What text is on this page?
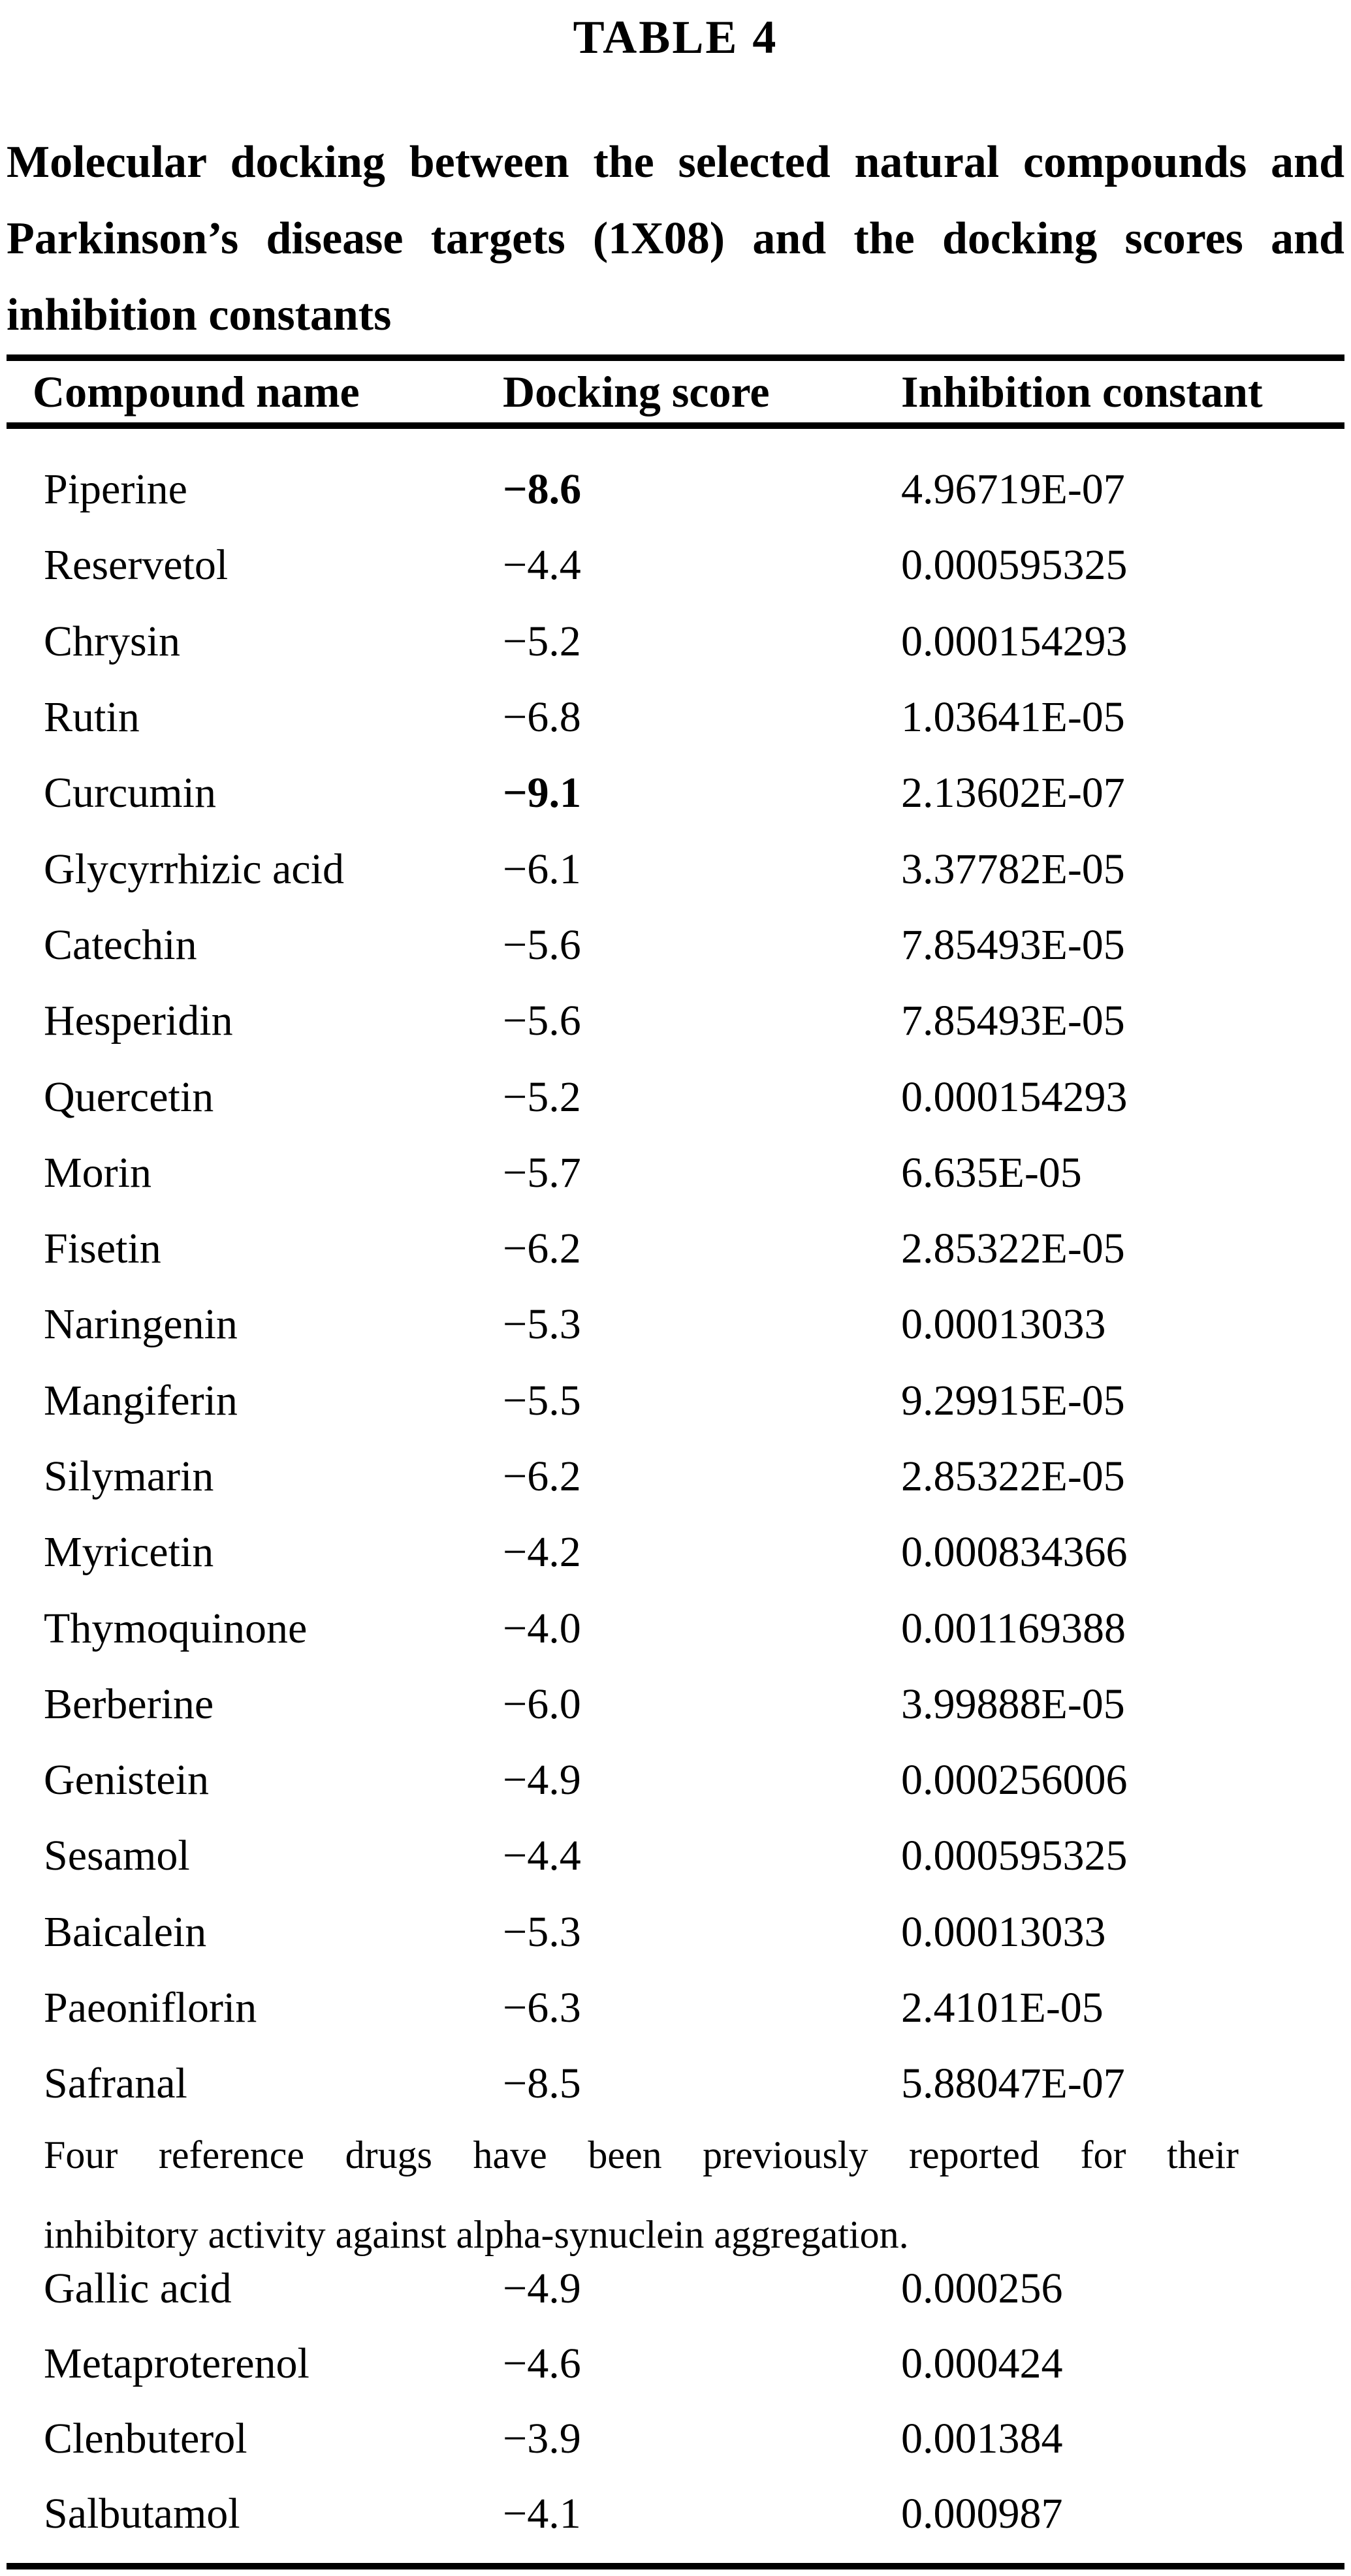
TABLE 4
Molecular docking between the selected natural compounds and
Parkinson’s disease targets (1X08) and the docking scores and
inhibition constants
Compound name	Docking score	Inhibition constant
Piperine	−8.6	4.96719E-07
Reservetol	−4.4	0.000595325
Chrysin	−5.2	0.000154293
Rutin	−6.8	1.03641E-05
Curcumin	−9.1	2.13602E-07
Glycyrrhizic acid	−6.1	3.37782E-05
Catechin	−5.6	7.85493E-05
Hesperidin	−5.6	7.85493E-05
Quercetin	−5.2	0.000154293
Morin	−5.7	6.635E-05
Fisetin	−6.2	2.85322E-05
Naringenin	−5.3	0.00013033
Mangiferin	−5.5	9.29915E-05
Silymarin	−6.2	2.85322E-05
Myricetin	−4.2	0.000834366
Thymoquinone	−4.0	0.001169388
Berberine	−6.0	3.99888E-05
Genistein	−4.9	0.000256006
Sesamol	−4.4	0.000595325
Baicalein	−5.3	0.00013033
Paeoniflorin	−6.3	2.4101E-05
Safranal	−8.5	5.88047E-07
Four reference drugs have been previously reported for their
inhibitory activity against alpha-synuclein aggregation.
Gallic acid	−4.9	0.000256
Metaproterenol	−4.6	0.000424
Clenbuterol	−3.9	0.001384
Salbutamol	−4.1	0.000987
